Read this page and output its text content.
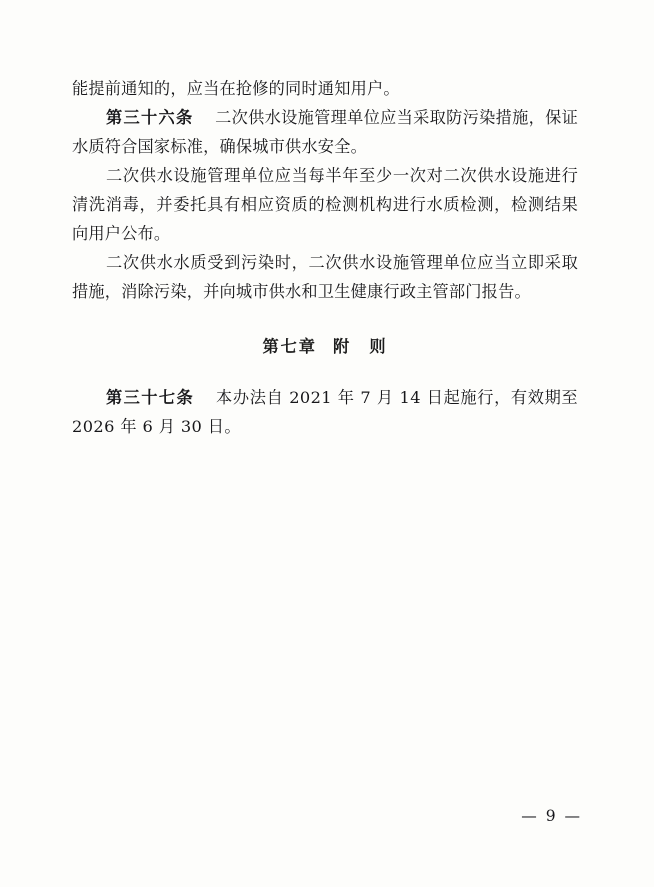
能提前通知的，应当在抢修的同时通知用户。

第三十六条 二次供水设施管理单位应当采取防污染措施，保证水质符合国家标准，确保城市供水安全。

二次供水设施管理单位应当每半年至少一次对二次供水设施进行清洗消毒，并委托具有相应资质的检测机构进行水质检测，检测结果向用户公布。

二次供水水质受到污染时，二次供水设施管理单位应当立即采取措施，消除污染，并向城市供水和卫生健康行政主管部门报告。

第七章 附　则

第三十七条 本办法自 2021 年 7 月 14 日起施行，有效期至 2026 年 6 月 30 日。

— 9 —
